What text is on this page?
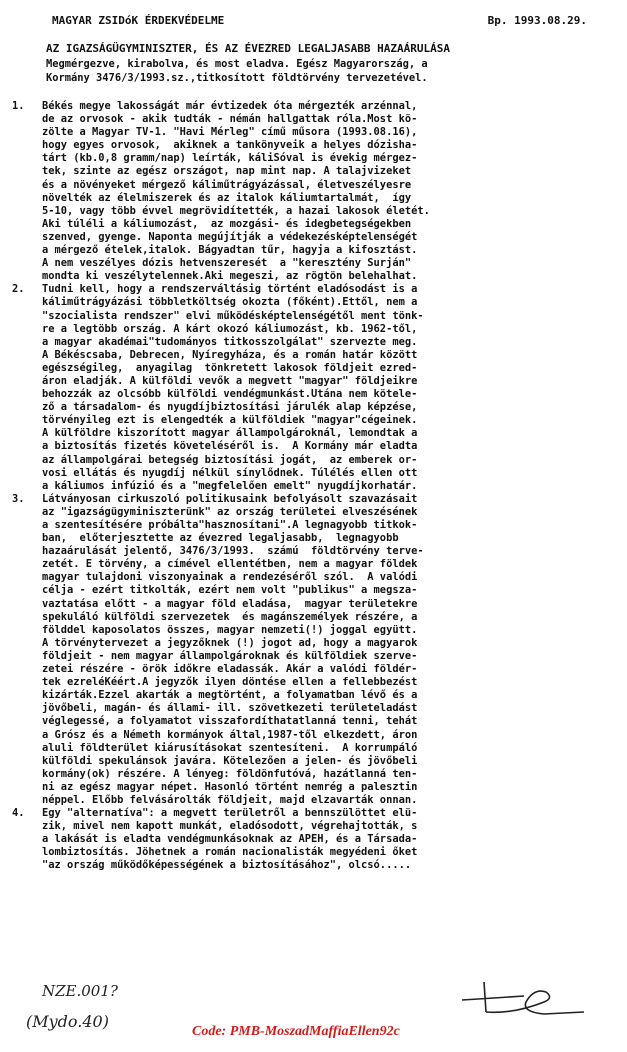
MAGYAR ZSIDóK ÉRDEKVÉDELME	Bp. 1993.08.29.
AZ IGAZSÁGÜGYMINISZTER, ÉS AZ ÉVEZRED LEGALJASABB HAZAÁRULÁSA
Megmérgezve, kirabolva, és most eladva. Egész Magyarország, a
Kormány 3476/3/1993.sz.,titkosított földtörvény tervezetével.
1.	Békés megye lakosságát már évtizedek óta mérgezték arzénnal,
de az orvosok - akik tudták - némán hallgattak róla.Most kö-
zölte a Magyar TV-1. "Havi Mérleg" című műsora (1993.08.16),
hogy egyes orvosok,  akiknek a tankönyveik a helyes dózisha-
tárt (kb.0,8 gramm/nap) leírták, káliSóval is évekig mérgez-
tek, szinte az egész országot, nap mint nap. A talajvizeket
és a növényeket mérgező káliműtrágyázással, életveszélyesre
növelték az élelmiszerek és az italok káliumtartalmát,  így
5-10, vagy több évvel megrövidítették, a hazai lakosok életét.
Aki túléli a káliumozást,  az mozgási- és idegbetegségekben
szenved, gyenge. Naponta megújítják a védekezésképtelenségét
a mérgező ételek,italok. Bágyadtan tűr, hagyja a kifosztást.
A nem veszélyes dózis hetvenszeresét  a "keresztény Surján"
mondta ki veszélytelennek.Aki megeszi, az rögtön belehalhat.
2.	Tudni kell, hogy a rendszerváltásig történt eladósodást is a
káliműtrágyázási többletköltség okozta (főként).Ettől, nem a
"szocialista rendszer" elvi működésképtelenségétől ment tönk-
re a legtöbb ország. A kárt okozó káliumozást, kb. 1962-től,
a magyar akadémai"tudományos titkosszolgálat" szervezte meg.
A Békéscsaba, Debrecen, Nyíregyháza, és a román határ között
egészségileg,  anyagilag  tönkretett lakosok földjeit ezred-
áron eladják. A külföldi vevők a megvett "magyar" földjeikre
behozzák az olcsóbb külföldi vendégmunkást.Utána nem kötele-
ző a társadalom- és nyugdíjbiztosítási járulék alap képzése,
törvényileg ezt is elengedték a külföldiek "magyar"cégeinek.
A külföldre kiszorított magyar állampolgároknál, lemondtak a
a biztosítás fizetés követeléséről is.  A Kormány már eladta
az állampolgárai betegség biztosítási jogát,  az emberek or-
vosi ellátás és nyugdíj nélkül sínylődnek. Túlélés ellen ott
a káliumos infúzió és a "megfelelően emelt" nyugdíjkorhatár.
3.	Látványosan cirkuszoló politikusaink befolyásolt szavazásait
az "igazságügyminiszterünk" az ország területei elveszésének
a szentesítésére próbálta"hasznosítani".A legnagyobb titkok-
ban,  előterjesztette az évezred legaljasabb,  legnagyobb
hazaárulását jelentő, 3476/3/1993.  számú  földtörvény terve-
zetét. E törvény, a címével ellentétben, nem a magyar földek
magyar tulajdoni viszonyainak a rendezéséről szól.  A valódi
célja - ezért titkolták, ezért nem volt "publikus" a megsza-
vaztatása előtt - a magyar föld eladása,  magyar területekre
spekuláló külföldi szervezetek  és magánszemélyek részére, a
földdel kaposolatos összes, magyar nemzeti(!) joggal együtt.
A törvénytervezet a jegyzőknek (!) jogot ad, hogy a magyarok
földjeit - nem magyar állampolgároknak és külföldiek szerve-
zetei részére - örök időkre eladassák. Akár a valódi földér-
tek ezreléKéért.A jegyzők ilyen döntése ellen a fellebbezést
kizárták.Ezzel akarták a megtörtént, a folyamatban lévő és a
jövőbeli, magán- és állami- ill. szövetkezeti területeladást
véglegessé, a folyamatot visszafordíthatatlanná tenni, tehát
a Grósz és a Németh kormányok által,1987-től elkezdett, áron
aluli földterület kiárusításokat szentesíteni.  A korrumpáló
külföldi spekulánsok javára. Kötelezően a jelen- és jövőbeli
kormány(ok) részére. A lényeg: földönfutóvá, hazátlanná ten-
ni az egész magyar népet. Hasonló történt nemrég a palesztin
néppel. Előbb felvásárolták földjeit, majd elzavarták onnan.
4.	Egy "alternatíva": a megvett területről a bennszülöttet elü-
zik, mivel nem kapott munkát, eladósodott, végrehajtották, s
a lakását is eladta vendégmunkásoknak az APEH, és a Társada-
lombiztosítás. Jöhetnek a román nacionalisták megyédeni őket
"az ország működőképességének a biztosításához", olcsó.....
NZE.001?
(Mydo.40)
Code: PMB-MoszadMaffiaEllen92c
